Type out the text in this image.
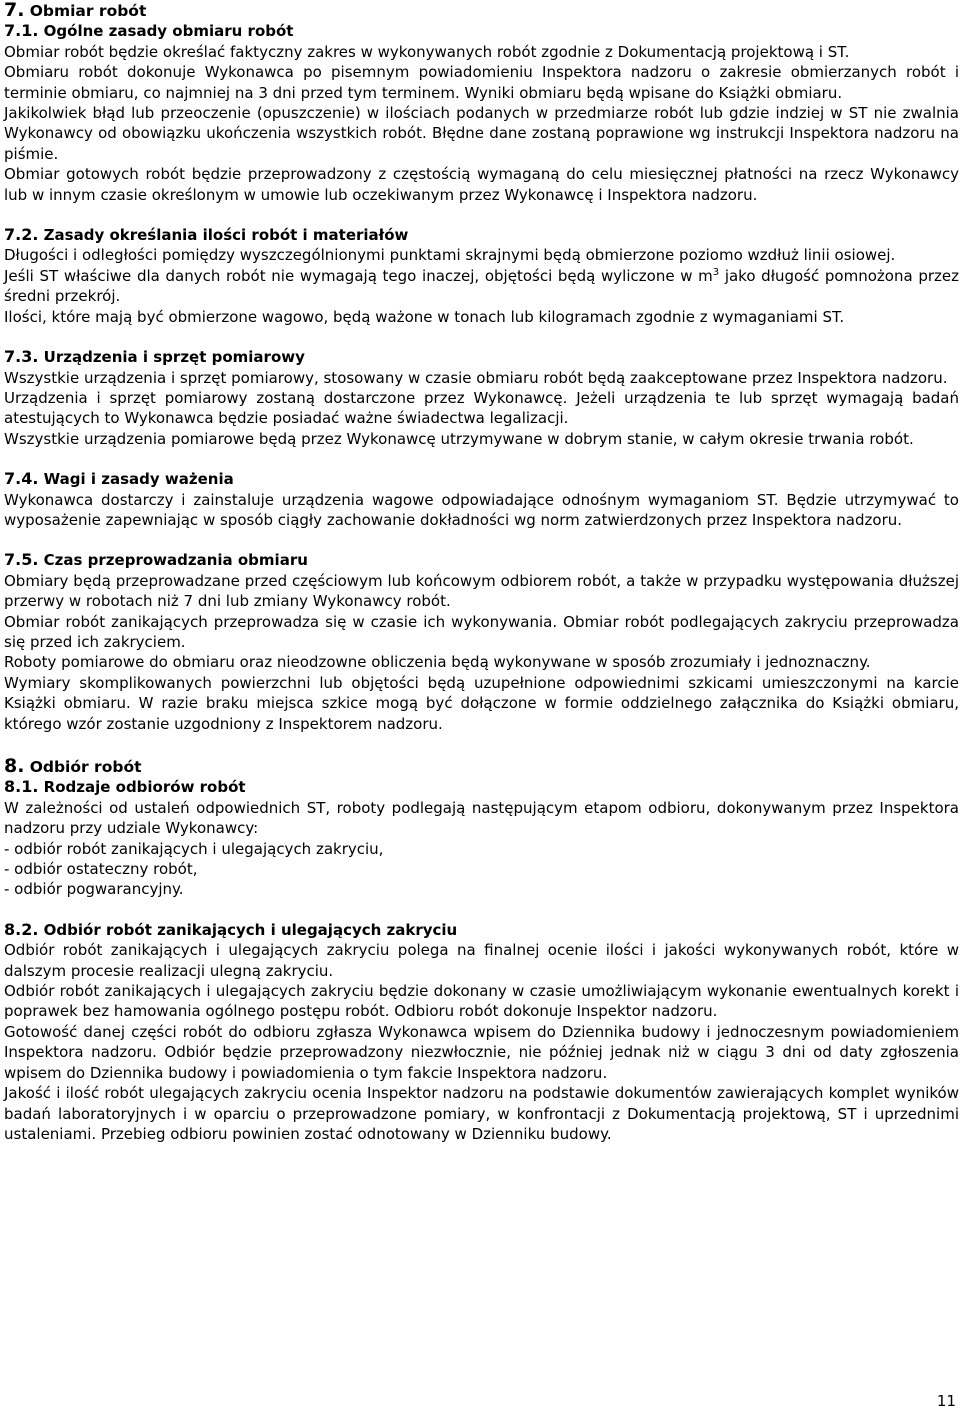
7. Obmiar robót
7.1. Ogólne zasady obmiaru robót

Obmiar robót będzie określać faktyczny zakres w wykonywanych robót zgodnie z Dokumentacją projektową i ST.

Obmiaru robót dokonuje Wykonawca po pisemnym powiadomieniu Inspektora nadzoru o zakresie obmierzanych robót i terminie obmiaru, co najmniej na 3 dni przed tym terminem. Wyniki obmiaru będą wpisane do Książki obmiaru.

Jakikolwiek błąd lub przeoczenie (opuszczenie) w ilościach podanych w przedmiarze robót lub gdzie indziej w ST nie zwalnia Wykonawcy od obowiązku ukończenia wszystkich robót. Błędne dane zostaną poprawione wg instrukcji Inspektora nadzoru na piśmie.

Obmiar gotowych robót będzie przeprowadzony z częstością wymaganą do celu miesięcznej płatności na rzecz Wykonawcy lub w innym czasie określonym w umowie lub oczekiwanym przez Wykonawcę i Inspektora nadzoru.

7.2. Zasady określania ilości robót i materiałów

Długości i odległości pomiędzy wyszczególnionymi punktami skrajnymi będą obmierzone poziomo wzdłuż linii osiowej.

Jeśli ST właściwe dla danych robót nie wymagają tego inaczej, objętości będą wyliczone w $m^3$ jako długość pomnożona przez średni przekrój.

Ilości, które mają być obmierzone wagowo, będą ważone w tonach lub kilogramach zgodnie z wymaganiami ST.

7.3. Urządzenia i sprzęt pomiarowy

Wszystkie urządzenia i sprzęt pomiarowy, stosowany w czasie obmiaru robót będą zaakceptowane przez Inspektora nadzoru.

Urządzenia i sprzęt pomiarowy zostaną dostarczone przez Wykonawcę. Jeżeli urządzenia te lub sprzęt wymagają badań atestujących to Wykonawca będzie posiadać ważne świadectwa legalizacji.

Wszystkie urządzenia pomiarowe będą przez Wykonawcę utrzymywane w dobrym stanie, w całym okresie trwania robót.

7.4. Wagi i zasady ważenia

Wykonawca dostarczy i zainstaluje urządzenia wagowe odpowiadające odnośnym wymaganiom ST. Będzie utrzymywać to wyposażenie zapewniając w sposób ciągły zachowanie dokładności wg norm zatwierdzonych przez Inspektora nadzoru.

7.5. Czas przeprowadzania obmiaru

Obmiary będą przeprowadzane przed częściowym lub końcowym odbiorem robót, a także w przypadku występowania dłuższej przerwy w robotach niż 7 dni lub zmiany Wykonawcy robót.

Obmiar robót zanikających przeprowadza się w czasie ich wykonywania. Obmiar robót podlegających zakryciu przeprowadza się przed ich zakryciem.

Roboty pomiarowe do obmiaru oraz nieodzowne obliczenia będą wykonywane w sposób zrozumiały i jednoznaczny.

Wymiary skomplikowanych powierzchni lub objętości będą uzupełnione odpowiednimi szkicami umieszczonymi na karcie Książki obmiaru. W razie braku miejsca szkice mogą być dołączone w formie oddzielnego załącznika do Książki obmiaru, którego wzór zostanie uzgodniony z Inspektorem nadzoru.

8. Odbiór robót
8.1. Rodzaje odbiorów robót

W zależności od ustaleń odpowiednich ST, roboty podlegają następującym etapom odbioru, dokonywanym przez Inspektora nadzoru przy udziale Wykonawcy:

- odbiór robót zanikających i ulegających zakryciu,

- odbiór ostateczny robót,

- odbiór pogwarancyjny.

8.2. Odbiór robót zanikających i ulegających zakryciu

Odbiór robót zanikających i ulegających zakryciu polega na finalnej ocenie ilości i jakości wykonywanych robót, które w dalszym procesie realizacji ulegną zakryciu.

Odbiór robót zanikających i ulegających zakryciu będzie dokonany w czasie umożliwiającym wykonanie ewentualnych korekt i poprawek bez hamowania ogólnego postępu robót. Odbioru robót dokonuje Inspektor nadzoru.

Gotowość danej części robót do odbioru zgłasza Wykonawca wpisem do Dziennika budowy i jednoczesnym powiadomieniem Inspektora nadzoru. Odbiór będzie przeprowadzony niezwłocznie, nie później jednak niż w ciągu 3 dni od daty zgłoszenia wpisem do Dziennika budowy i powiadomienia o tym fakcie Inspektora nadzoru.

Jakość i ilość robót ulegających zakryciu ocenia Inspektor nadzoru na podstawie dokumentów zawierających komplet wyników badań laboratoryjnych i w oparciu o przeprowadzone pomiary, w konfrontacji z Dokumentacją projektową, ST i uprzednimi ustaleniami. Przebieg odbioru powinien zostać odnotowany w Dzienniku budowy.

11
